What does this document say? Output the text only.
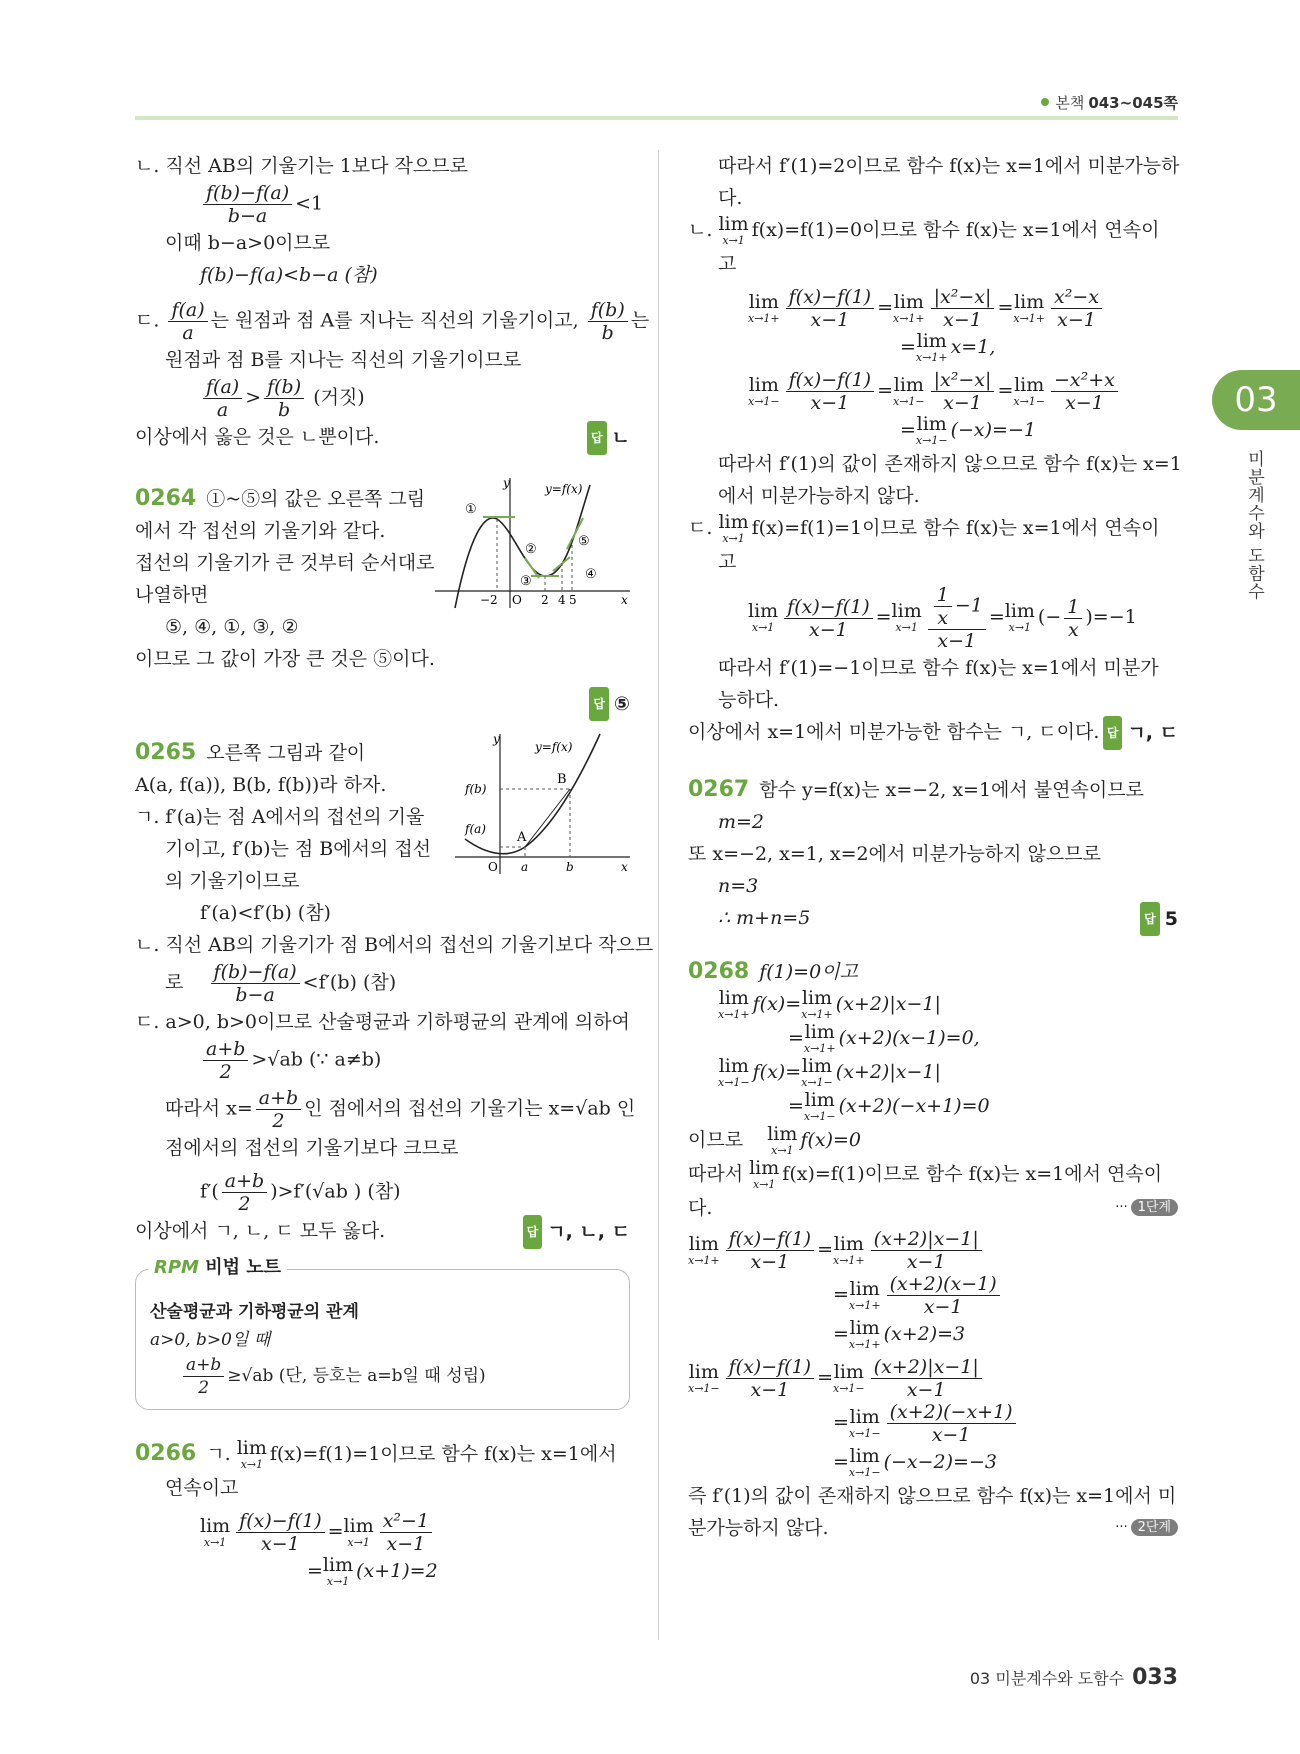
본책 043~045쪽
03
미분계수와 도함수
ㄴ. 직선 AB의 기울기는 1보다 작으므로
$\frac{f(b)-f(a)}{b-a} <1$
이때 b−a>0이므로
f(b)−f(a)<b−a (참)
ㄷ. $\frac{f(a)}{a}$ 는 원점과 점 A를 지나는 직선의 기울기이고, $\frac{f(b)}{b}$ 는
원점과 점 B를 지나는 직선의 기울기이므로
$\frac{f(a)}{a} > \frac{f(b)}{b}$ (거짓)
이상에서 옳은 것은 ㄴ뿐이다.	답 ㄴ
0264 ①~⑤의 값은 오른쪽 그림
에서 각 접선의 기울기와 같다.
접선의 기울기가 큰 것부터 순서대로
나열하면
⑤, ④, ①, ③, ②
이므로 그 값이 가장 큰 것은 ⑤이다.
답 ⑤
y
x
y=f(x)
①
②
③	④
⑤
−2 O 2 4 5
0265 오른쪽 그림과 같이
A(a, f(a)), B(b, f(b))라 하자.
ㄱ. f′(a)는 점 A에서의 접선의 기울
기이고, f′(b)는 점 B에서의 접선
의 기울기이므로
f′(a)<f′(b) (참)
ㄴ. 직선 AB의 기울기가 점 B에서의 접선의 기울기보다 작으므
로 $\frac{f(b)-f(a)}{b-a} <f'(b)$ (참)
ㄷ. a>0, b>0이므로 산술평균과 기하평균의 관계에 의하여
$\frac{a+b}{2} >√ab$ (∵ a≠b)
따라서 $x= \frac{a+b}{2}$ 인 점에서의 접선의 기울기는 x=√ab 인
점에서의 접선의 기울기보다 크므로
$f'( \frac{a+b}{2} )>f'(√ab$ ) (참)
이상에서 ㄱ, ㄴ, ㄷ 모두 옳다.	답 ㄱ, ㄴ, ㄷ
y
x
y=f(x)
f(b)
f(a)
A
B
O a	b
RPM 비법 노트
산술평균과 기하평균의 관계
a>0, b>0일 때
$\frac{a+b}{2} \ge√ab$ (단, 등호는 a=b일 때 성립)
0266 ㄱ. lim
x→1 f(x)=f(1)=1이므로 함수 f(x)는 x=1에서
연속이고
lim
$x\to 1 \frac{f(x)-f(1)}{x-1} = \lim$
$x\to 1 \frac{\text{x²−1}}{x-1}$
= lim
x→1 (x+1)=2
따라서 f′(1)=2이므로 함수 f(x)는 x=1에서 미분가능하
다.
ㄴ. lim
x→1 f(x)=f(1)=0이므로 함수 f(x)는 x=1에서 연속이
고
lim
$x\to 1+ \frac{f(x)-f(1)}{x-1} = \lim$
$x\to 1+ \frac{\text{|x²−x|}}{x-1} = \lim$
$x\to 1+ \frac{\text{x²−x}}{x-1}$
= lim
x→1+ x=1,
lim
$x\to 1- \frac{f(x)-f(1)}{x-1} = \lim$
$x\to 1- \frac{\text{|x²−x|}}{x-1} = \lim$
$x\to 1- \frac{\text{−x²+x}}{x-1}$
= lim
x→1− (−x)=−1
따라서 f′(1)의 값이 존재하지 않으므로 함수 f(x)는 x=1
에서 미분가능하지 않다.
ㄷ. lim
x→1 f(x)=f(1)=1이므로 함수 f(x)는 x=1에서 연속이
고
lim
$x\to 1 \frac{f(x)-f(1)}{x-1} = \lim$
$x\to 1 \frac{\frac{1}{x} -1}{x-1} = \lim$
x→1 (− $\frac{1}{x} )=-1$
따라서 f′(1)=−1이므로 함수 f(x)는 x=1에서 미분가
능하다.
이상에서 x=1에서 미분가능한 함수는 ㄱ, ㄷ이다. 답 ㄱ, ㄷ
0267 함수 y=f(x)는 x=−2, x=1에서 불연속이므로
m=2
또 x=−2, x=1, x=2에서 미분가능하지 않으므로
n=3
∴ m+n=5	답 5
0268 f(1)=0이고
lim
x→1+ f(x)= lim
x→1+ (x+2)|x−1|
= lim
x→1+ (x+2)(x−1)=0,
lim
x→1− f(x)= lim
x→1− (x+2)|x−1|
= lim
x→1− (x+2)(−x+1)=0
이므로 lim
x→1 f(x)=0
따라서 lim
x→1 f(x)=f(1)이므로 함수 f(x)는 x=1에서 연속이
다.	··· 1단계
lim
$x\to 1+ \frac{f(x)-f(1)}{x-1} = \lim$
$x\to 1+ \frac{(x+2)|x-1|}{x-1}$
= lim
$x\to 1+ \frac{(x+2)(x-1)}{x-1}$
= lim
x→1+ (x+2)=3
lim
$x\to 1- \frac{f(x)-f(1)}{x-1} = \lim$
$x\to 1- \frac{(x+2)|x-1|}{x-1}$
= lim
$x\to 1- \frac{(x+2)(-x+1)}{x-1}$
= lim
x→1− (−x−2)=−3
즉 f′(1)의 값이 존재하지 않으므로 함수 f(x)는 x=1에서 미
분가능하지 않다.	··· 2단계
03 미분계수와 도함수 033
